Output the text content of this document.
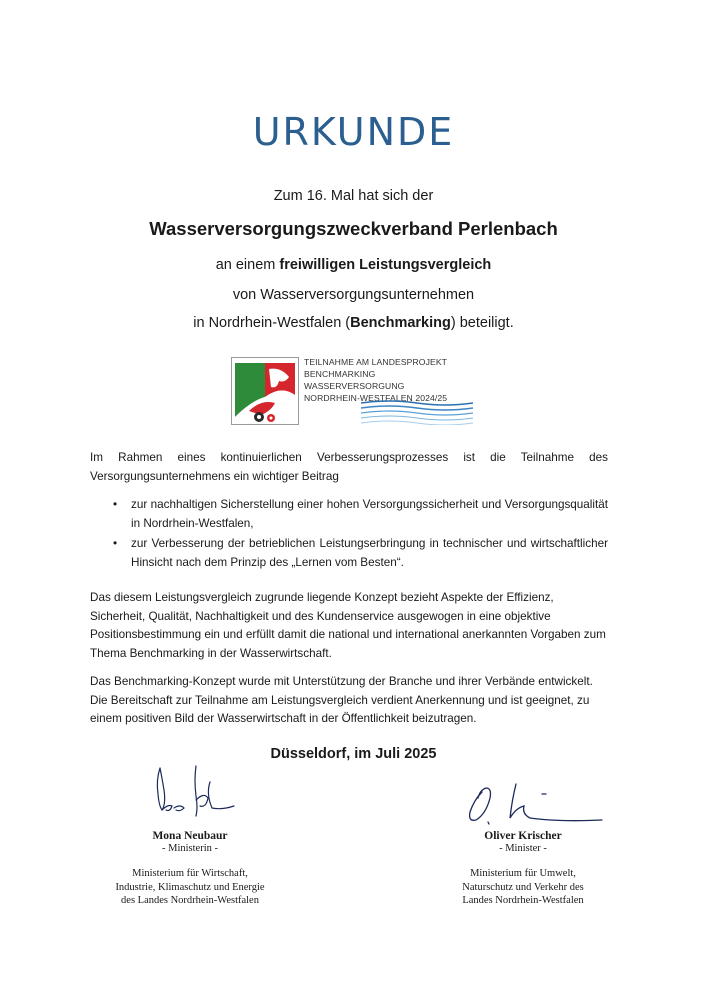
URKUNDE
Zum 16. Mal hat sich der
Wasserversorgungszweckverband Perlenbach
an einem freiwilligen Leistungsvergleich
von Wasserversorgungsunternehmen
in Nordrhein-Westfalen (Benchmarking) beteiligt.
TEILNAHME AM LANDESPROJEKT
BENCHMARKING WASSERVERSORGUNG
NORDRHEIN-WESTFALEN 2024/25
Im Rahmen eines kontinuierlichen Verbesserungsprozesses ist die Teilnahme des
Versorgungsunternehmens ein wichtiger Beitrag
• zur nachhaltigen Sicherstellung einer hohen Versorgungssicherheit und Versorgungsqualität in Nordrhein-Westfalen,
• zur Verbesserung der betrieblichen Leistungserbringung in technischer und wirtschaftlicher Hinsicht nach dem Prinzip des „Lernen vom Besten“.
Das diesem Leistungsvergleich zugrunde liegende Konzept bezieht Aspekte der Effizienz, Sicherheit, Qualität, Nachhaltigkeit und des Kundenservice ausgewogen in eine objektive Positionsbestimmung ein und erfüllt damit die national und international anerkannten Vorgaben zum Thema Benchmarking in der Wasserwirtschaft.
Das Benchmarking-Konzept wurde mit Unterstützung der Branche und ihrer Verbände entwickelt. Die Bereitschaft zur Teilnahme am Leistungsvergleich verdient Anerkennung und ist geeignet, zu einem positiven Bild der Wasserwirtschaft in der Öffentlichkeit beizutragen.
Düsseldorf, im Juli 2025
Mona Neubaur
- Ministerin -
Ministerium für Wirtschaft,
Industrie, Klimaschutz und Energie
des Landes Nordrhein-Westfalen
Oliver Krischer
- Minister -
Ministerium für Umwelt,
Naturschutz und Verkehr des
Landes Nordrhein-Westfalen
